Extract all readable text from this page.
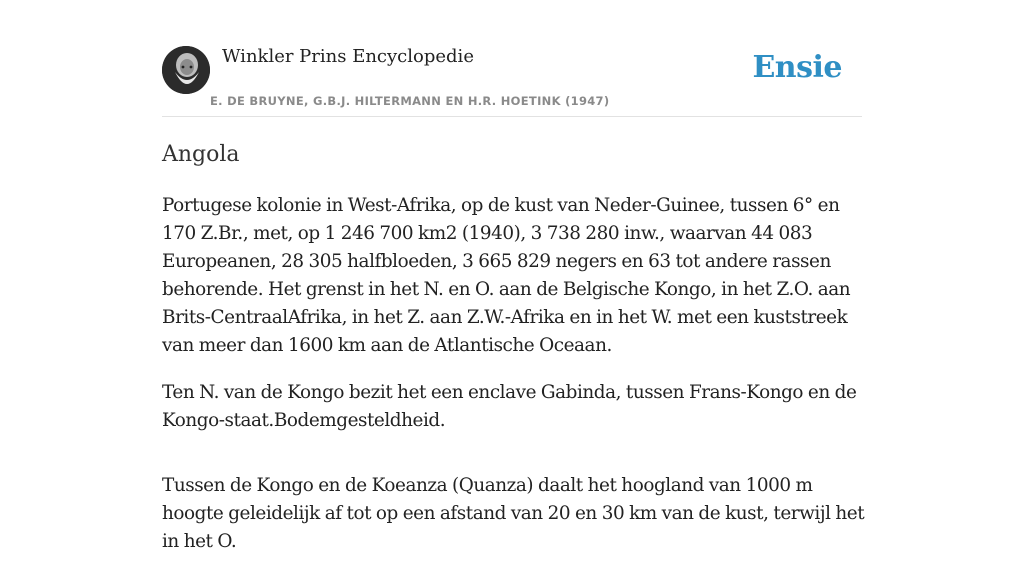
Winkler Prins Encyclopedie
E. DE BRUYNE, G.B.J. HILTERMANN EN H.R. HOETINK (1947)
Ensie
Angola

Portugese kolonie in West-Afrika, op de kust van Neder-Guinee, tussen 6° en 170 Z.Br., met, op 1 246 700 km2 (1940), 3 738 280 inw., waarvan 44 083 Europeanen, 28 305 halfbloeden, 3 665 829 negers en 63 tot andere rassen behorende. Het grenst in het N. en O. aan de Belgische Kongo, in het Z.O. aan Brits-CentraalAfrika, in het Z. aan Z.W.-Afrika en in het W. met een kuststreek van meer dan 1600 km aan de Atlantische Oceaan.

Ten N. van de Kongo bezit het een enclave Gabinda, tussen Frans-Kongo en de Kongo-staat.Bodemgesteldheid.

Tussen de Kongo en de Koeanza (Quanza) daalt het hoogland van 1000 m hoogte geleidelijk af tot op een afstand van 20 en 30 km van de kust, terwijl het in het O.
